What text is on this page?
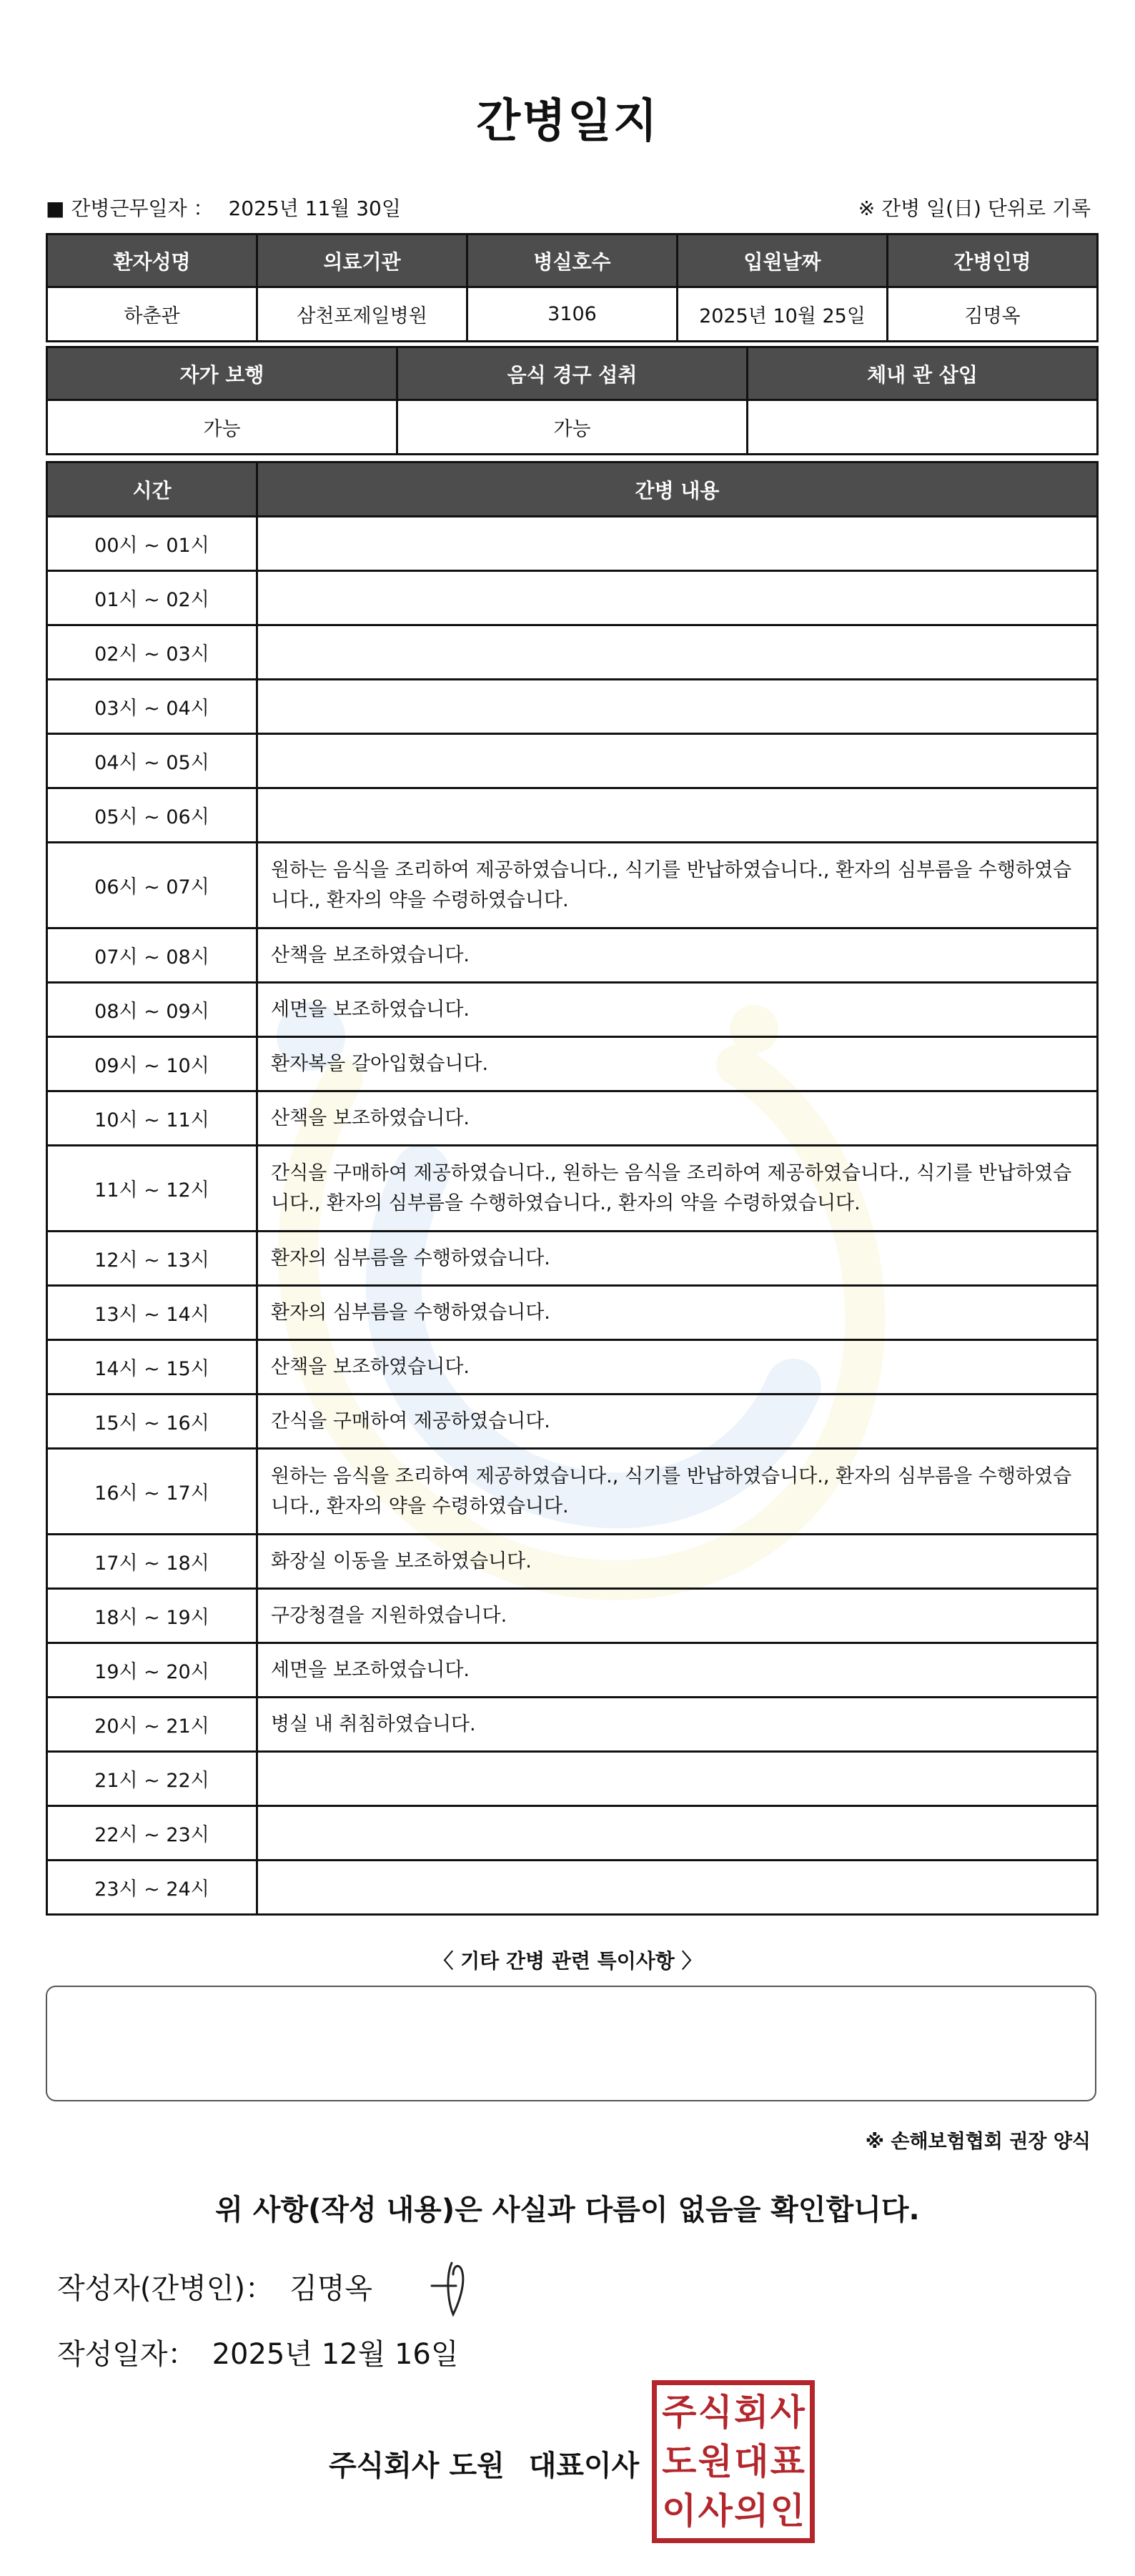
간병일지
■ 간병근무일자 ： 2025년 11월 30일	※ 간병 일(日) 단위로 기록
환자성명	의료기관	병실호수	입원날짜	간병인명
하춘관	삼천포제일병원	3106	2025년 10월 25일	김명옥
자가 보행	음식 경구 섭취	체내 관 삽입
가능	가능	
시간	간병 내용
00시 ~ 01시	
01시 ~ 02시	
02시 ~ 03시	
03시 ~ 04시	
04시 ~ 05시	
05시 ~ 06시	
06시 ~ 07시	원하는 음식을 조리하여 제공하였습니다., 식기를 반납하였습니다., 환자의 심부름을 수행하였습니다., 환자의 약을 수령하였습니다.
07시 ~ 08시	산책을 보조하였습니다.
08시 ~ 09시	세면을 보조하였습니다.
09시 ~ 10시	환자복을 갈아입혔습니다.
10시 ~ 11시	산책을 보조하였습니다.
11시 ~ 12시	간식을 구매하여 제공하였습니다., 원하는 음식을 조리하여 제공하였습니다., 식기를 반납하였습니다., 환자의 심부름을 수행하였습니다., 환자의 약을 수령하였습니다.
12시 ~ 13시	환자의 심부름을 수행하였습니다.
13시 ~ 14시	환자의 심부름을 수행하였습니다.
14시 ~ 15시	산책을 보조하였습니다.
15시 ~ 16시	간식을 구매하여 제공하였습니다.
16시 ~ 17시	원하는 음식을 조리하여 제공하였습니다., 식기를 반납하였습니다., 환자의 심부름을 수행하였습니다., 환자의 약을 수령하였습니다.
17시 ~ 18시	화장실 이동을 보조하였습니다.
18시 ~ 19시	구강청결을 지원하였습니다.
19시 ~ 20시	세면을 보조하였습니다.
20시 ~ 21시	병실 내 취침하였습니다.
21시 ~ 22시	
22시 ~ 23시	
23시 ~ 24시	
〈 기타 간병 관련 특이사항 〉
※ 손해보험협회 권장 양식
위 사항(작성 내용)은 사실과 다름이 없음을 확인합니다.
작성자(간병인)： 김명옥
작성일자： 2025년 12월 16일
주식회사 도원 대표이사
주 식 회 사
도 원 대 표
이 사 의 인
